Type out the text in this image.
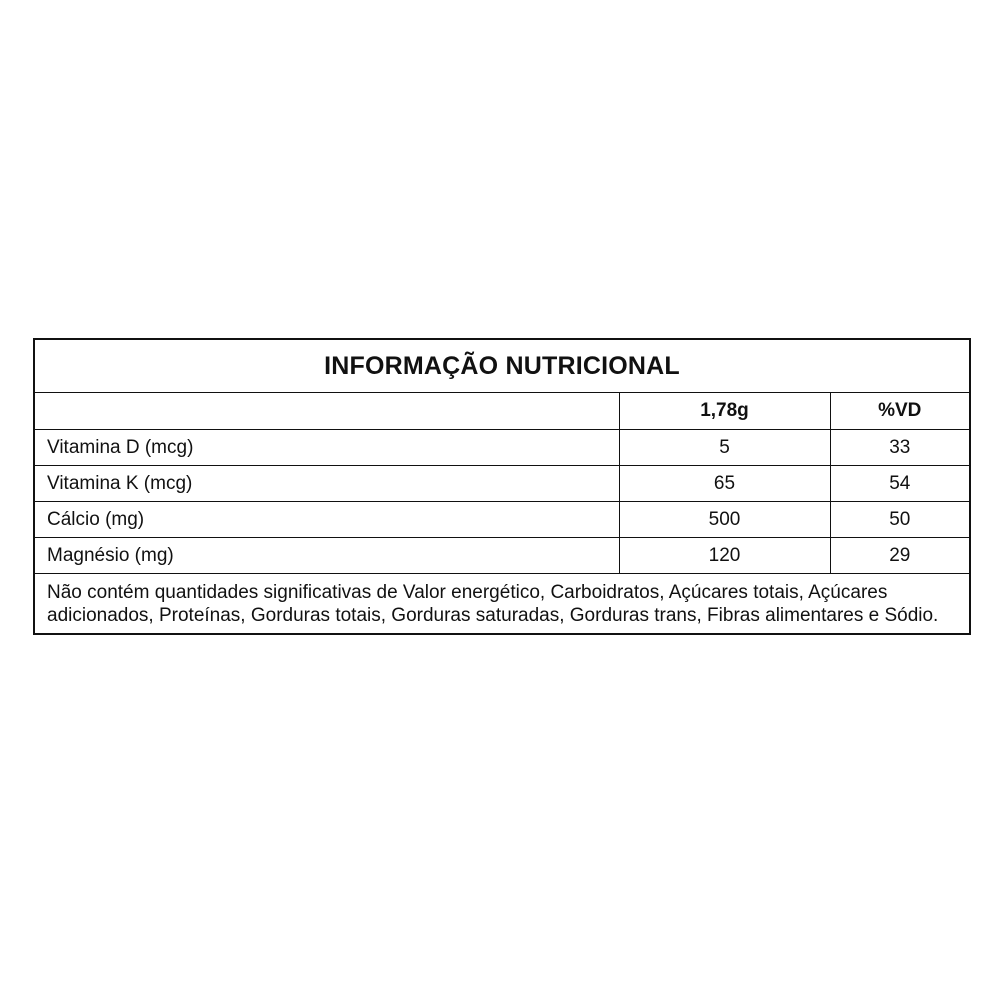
INFORMAÇÃO NUTRICIONAL		
	1,78g	%VD
Vitamina D (mcg)	5	33
Vitamina K (mcg)	65	54
Cálcio (mg)	500	50
Magnésio (mg)	120	29
Não contém quantidades significativas de Valor energético, Carboidratos, Açúcares totais, Açúcares adicionados, Proteínas, Gorduras totais, Gorduras saturadas, Gorduras trans, Fibras alimentares e Sódio.		
